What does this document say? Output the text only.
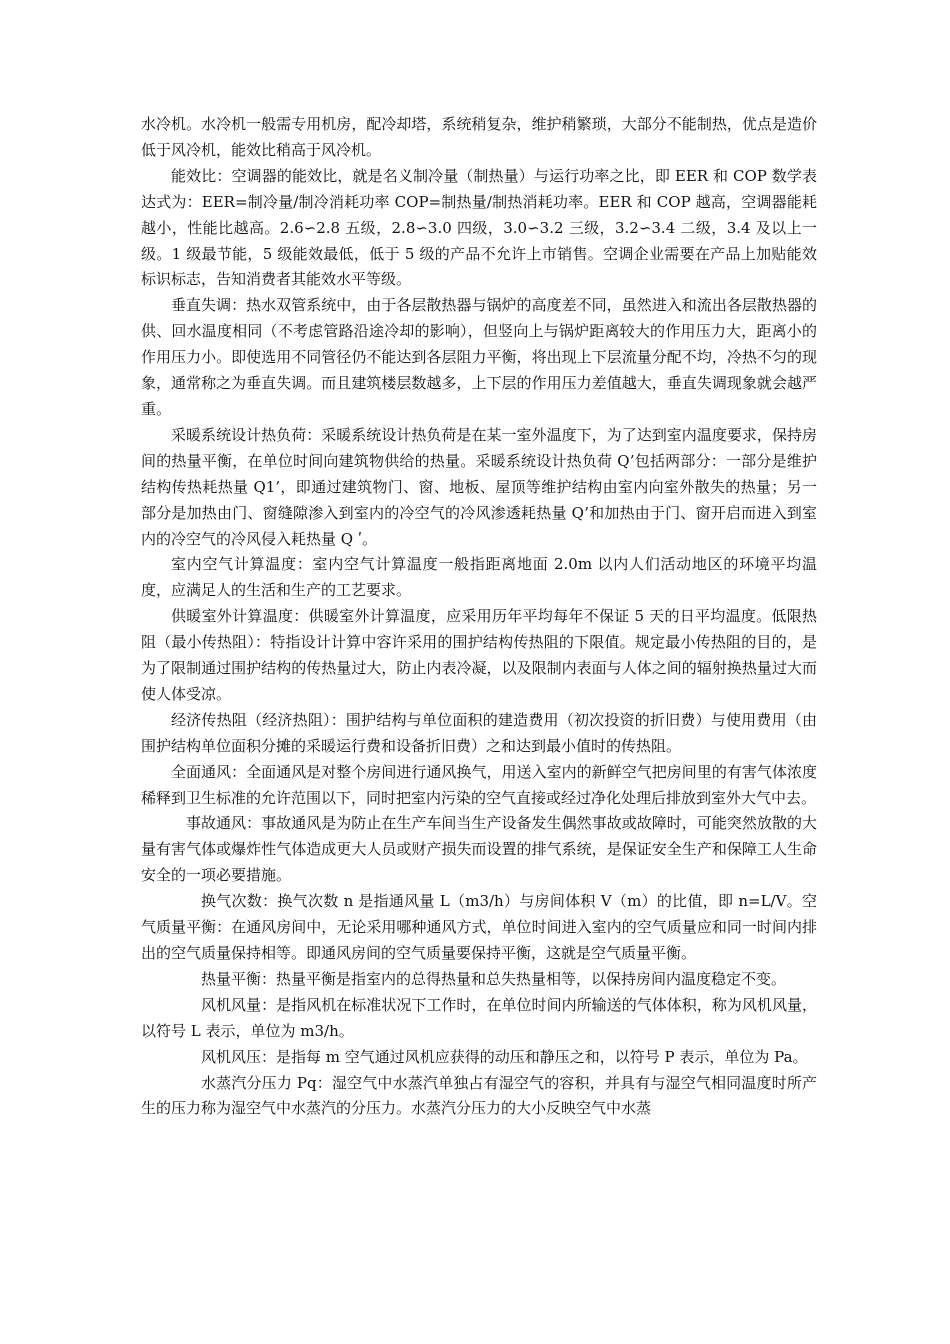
水冷机。水冷机一般需专用机房，配冷却塔，系统稍复杂，维护稍繁琐，大部分不能制热，优点是造价低于风冷机，能效比稍高于风冷机。

能效比：空调器的能效比，就是名义制冷量（制热量）与运行功率之比，即 EER 和 COP 数学表达式为：EER=制冷量/制冷消耗功率 COP=制热量/制热消耗功率。EER 和 COP 越高，空调器能耗越小，性能比越高。2.6∽2.8 五级，2.8∽3.0 四级，3.0∽3.2 三级，3.2∽3.4 二级，3.4 及以上一级。1 级最节能，5 级能效最低，低于 5 级的产品不允许上市销售。空调企业需要在产品上加贴能效标识标志，告知消费者其能效水平等级。

垂直失调：热水双管系统中，由于各层散热器与锅炉的高度差不同，虽然进入和流出各层散热器的供、回水温度相同（不考虑管路沿途冷却的影响），但竖向上与锅炉距离较大的作用压力大，距离小的作用压力小。即使选用不同管径仍不能达到各层阻力平衡，将出现上下层流量分配不均，冷热不匀的现象，通常称之为垂直失调。而且建筑楼层数越多，上下层的作用压力差值越大，垂直失调现象就会越严重。

采暖系统设计热负荷：采暖系统设计热负荷是在某一室外温度下，为了达到室内温度要求，保持房间的热量平衡，在单位时间向建筑物供给的热量。采暖系统设计热负荷 Q’包括两部分：一部分是维护结构传热耗热量 Q1’，即通过建筑物门、窗、地板、屋顶等维护结构由室内向室外散失的热量；另一部分是加热由门、窗缝隙渗入到室内的冷空气的冷风渗透耗热量 Q’和加热由于门、窗开启而进入到室内的冷空气的冷风侵入耗热量 Q ʹ。

室内空气计算温度：室内空气计算温度一般指距离地面 2.0m 以内人们活动地区的环境平均温度，应满足人的生活和生产的工艺要求。

供暖室外计算温度：供暖室外计算温度，应采用历年平均每年不保证 5 天的日平均温度。低限热阻（最小传热阻）：特指设计计算中容许采用的围护结构传热阻的下限值。规定最小传热阻的目的，是为了限制通过围护结构的传热量过大，防止内表冷凝，以及限制内表面与人体之间的辐射换热量过大而使人体受凉。

经济传热阻（经济热阻）：围护结构与单位面积的建造费用（初次投资的折旧费）与使用费用（由围护结构单位面积分摊的采暖运行费和设备折旧费）之和达到最小值时的传热阻。

全面通风：全面通风是对整个房间进行通风换气，用送入室内的新鲜空气把房间里的有害气体浓度稀释到卫生标准的允许范围以下，同时把室内污染的空气直接或经过净化处理后排放到室外大气中去。

事故通风：事故通风是为防止在生产车间当生产设备发生偶然事故或故障时，可能突然放散的大量有害气体或爆炸性气体造成更大人员或财产损失而设置的排气系统，是保证安全生产和保障工人生命安全的一项必要措施。

换气次数：换气次数 n 是指通风量 L（m3/h）与房间体积 V（m）的比值，即 n=L/V。空气质量平衡：在通风房间中，无论采用哪种通风方式，单位时间进入室内的空气质量应和同一时间内排出的空气质量保持相等。即通风房间的空气质量要保持平衡，这就是空气质量平衡。

热量平衡：热量平衡是指室内的总得热量和总失热量相等，以保持房间内温度稳定不变。

风机风量：是指风机在标准状况下工作时，在单位时间内所输送的气体体积，称为风机风量，以符号 L 表示，单位为 m3/h。

风机风压：是指每 m 空气通过风机应获得的动压和静压之和，以符号 P 表示，单位为 Pa。

水蒸汽分压力 Pq：湿空气中水蒸汽单独占有湿空气的容积，并具有与湿空气相同温度时所产生的压力称为湿空气中水蒸汽的分压力。水蒸汽分压力的大小反映空气中水蒸
